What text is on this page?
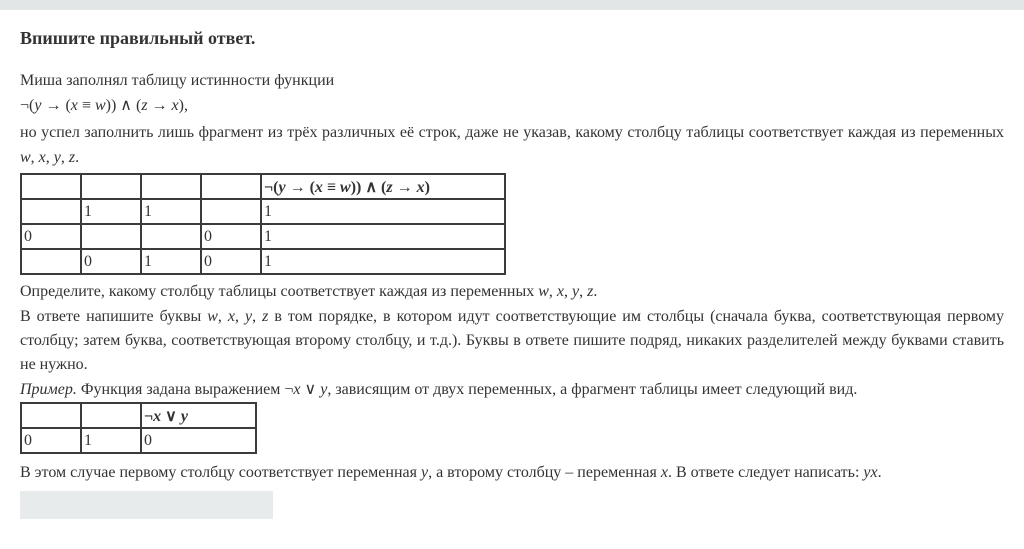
Впишите правильный ответ.

Миша заполнял таблицу истинности функции

¬(y → (x ≡ w)) ∧ (z → x),

но успел заполнить лишь фрагмент из трёх различных её строк, даже не указав, какому столбцу таблицы соответствует каждая из переменных w, x, y, z.

				¬(y → (x ≡ w)) ∧ (z → x)
	1	1		1
0			0	1
	0	1	0	1

Определите, какому столбцу таблицы соответствует каждая из переменных w, x, y, z.

В ответе напишите буквы w, x, y, z в том порядке, в котором идут соответствующие им столбцы (сначала буква, соответствующая первому столбцу; затем буква, соответствующая второму столбцу, и т.д.). Буквы в ответе пишите подряд, никаких разделителей между буквами ставить не нужно.

Пример. Функция задана выражением ¬x ∨ y, зависящим от двух переменных, а фрагмент таблицы имеет следующий вид.

		¬x ∨ y
0	1	0

В этом случае первому столбцу соответствует переменная y, а второму столбцу – переменная x. В ответе следует написать: yx.
